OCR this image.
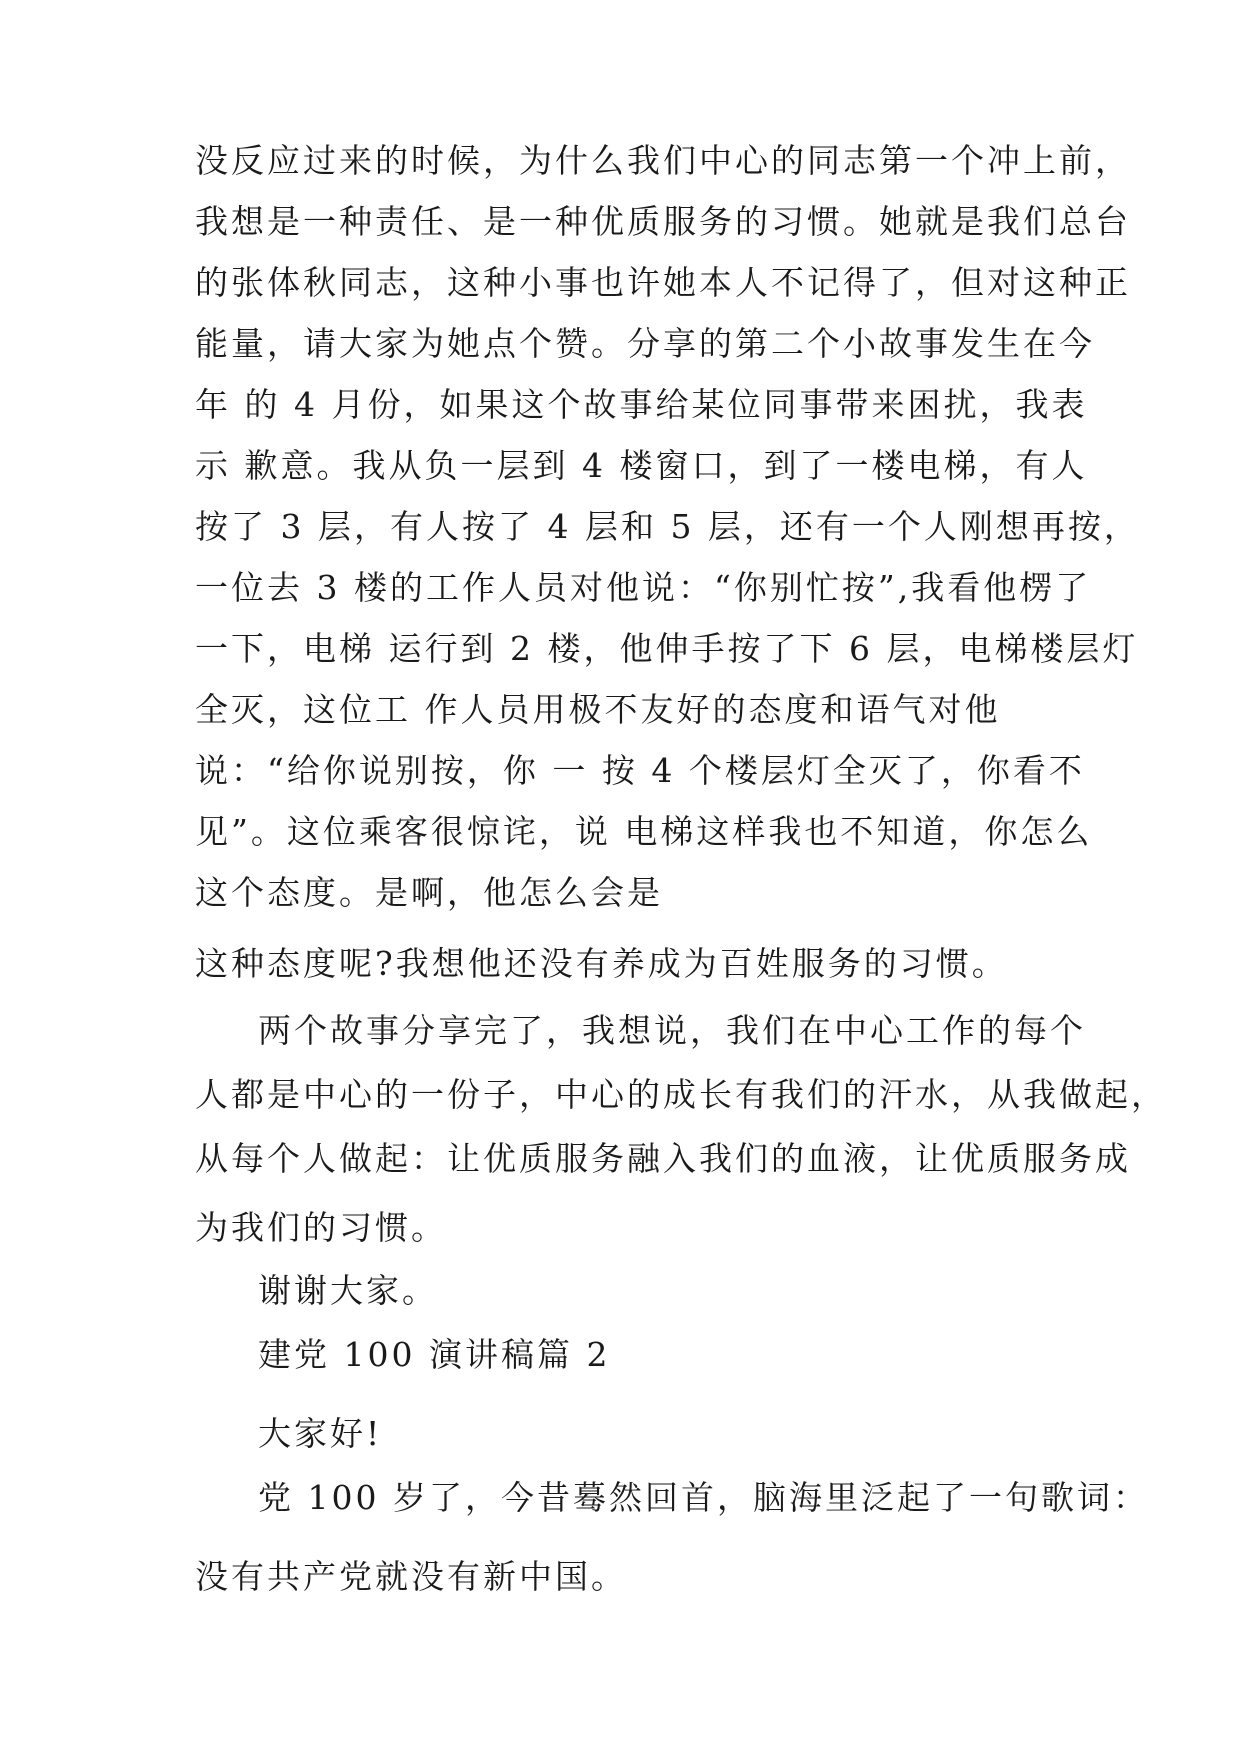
没反应过来的时候，为什么我们中心的同志第一个冲上前，
我想是一种责任、是一种优质服务的习惯。她就是我们总台
的张体秋同志，这种小事也许她本人不记得了，但对这种正
能量，请大家为她点个赞。分享的第二个小故事发生在今
年 的 4 月份，如果这个故事给某位同事带来困扰，我表
示 歉意。我从负一层到 4 楼窗口，到了一楼电梯，有人
按了 3 层，有人按了 4 层和 5 层，还有一个人刚想再按，
一位去 3 楼的工作人员对他说：“你别忙按”,我看他楞了
一下，电梯 运行到 2 楼，他伸手按了下 6 层，电梯楼层灯
全灭，这位工 作人员用极不友好的态度和语气对他
说：“给你说别按，你 一 按 4 个楼层灯全灭了，你看不
见”。这位乘客很惊诧，说 电梯这样我也不知道，你怎么
这个态度。是啊，他怎么会是
这种态度呢?我想他还没有养成为百姓服务的习惯。
两个故事分享完了，我想说，我们在中心工作的每个
人都是中心的一份子，中心的成长有我们的汗水，从我做起，
从每个人做起：让优质服务融入我们的血液，让优质服务成
为我们的习惯。
谢谢大家。
建党 100 演讲稿篇 2
大家好!
党 100 岁了，今昔蓦然回首，脑海里泛起了一句歌词：
没有共产党就没有新中国。
